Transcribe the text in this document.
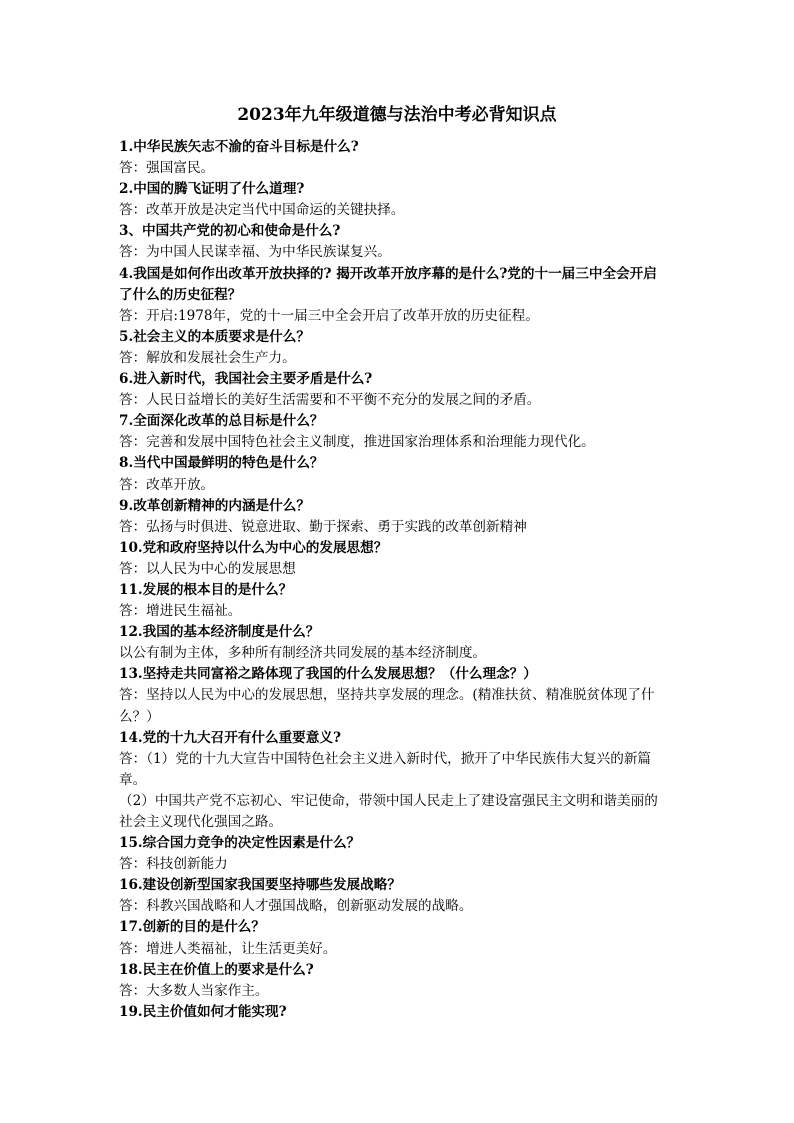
2023年九年级道德与法治中考必背知识点
1.中华民族矢志不渝的奋斗目标是什么?
答：强国富民。
2.中国的腾飞证明了什么道理?
答：改革开放是决定当代中国命运的关键抉择。
3、中国共产党的初心和使命是什么?
答：为中国人民谋幸福、为中华民族谋复兴。
4.我国是如何作出改革开放抉择的? 揭开改革开放序幕的是什么?党的十一届三中全会开启
了什么的历史征程？
答：开启:1978年，党的十一届三中全会开启了改革开放的历史征程。
5.社会主义的本质要求是什么？
答：解放和发展社会生产力。
6.进入新时代，我国社会主要矛盾是什么?
答：人民日益增长的美好生活需要和不平衡不充分的发展之间的矛盾。
7.全面深化改革的总目标是什么？
答：完善和发展中国特色社会主义制度，推进国家治理体系和治理能力现代化。
8.当代中国最鲜明的特色是什么？
答：改革开放。
9.改革创新精神的内涵是什么？
答：弘扬与时俱进、锐意进取、勤于探索、勇于实践的改革创新精神
10.党和政府坚持以什么为中心的发展思想？
答：以人民为中心的发展思想
11.发展的根本目的是什么？
答：增进民生福祉。
12.我国的基本经济制度是什么？
以公有制为主体，多种所有制经济共同发展的基本经济制度。
13.坚持走共同富裕之路体现了我国的什么发展思想？（什么理念？）
答：坚持以人民为中心的发展思想，坚持共享发展的理念。(精准扶贫、精准脱贫体现了什
么？）
14.党的十九大召开有什么重要意义?
答：（1）党的十九大宣告中国特色社会主义进入新时代，掀开了中华民族伟大复兴的新篇
章。
（2）中国共产党不忘初心、牢记使命，带领中国人民走上了建设富强民主文明和谐美丽的
社会主义现代化强国之路。
15.综合国力竞争的决定性因素是什么？
答：科技创新能力
16.建设创新型国家我国要坚持哪些发展战略？
答：科教兴国战略和人才强国战略，创新驱动发展的战略。
17.创新的目的是什么？
答：增进人类福祉，让生活更美好。
18.民主在价值上的要求是什么?
答：大多数人当家作主。
19.民主价值如何才能实现?
